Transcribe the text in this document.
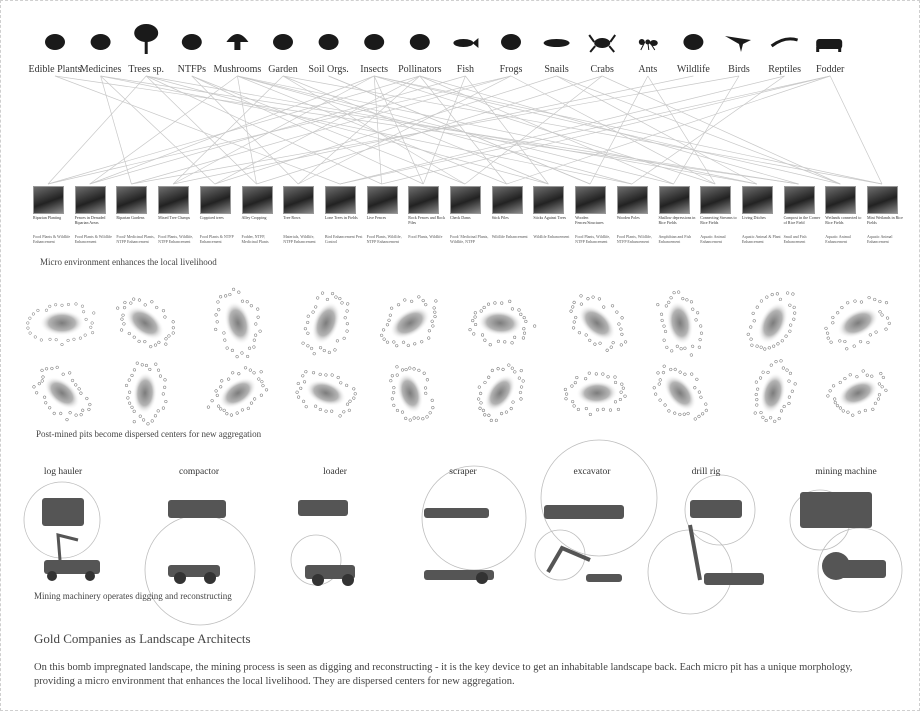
Edible Plants
Medicines Trees sp.	NTFPs Mushrooms Garden	Soil Orgs.	Insects	Pollinators	Fish	Frogs	Snails	Crabs	Ants	Wildlife	Birds	Reptiles	Fodder
Riparian Planting
Food Plants & Wildlife Enhancement
Fences in Denuded Riparian Areas
Food Plants & Wildlife Enhancement
Riparian Gardens
Food/ Medicinal Plants, NTFP Enhancement
Mixed Tree Clumps
Food Plants, Wildlife, NTFP Enhancement
Coppiced trees
Food Plants & NTFP Enhancement
Alley Cropping
Fodder, NTFP, Medicinal Plants
Tree Rows
Materials, Wildlife, NTFP Enhancement
Lone Trees in Fields
Bird Enhancement Pest Control
Live Fences
Food Plants, Wildlife, NTFP Enhancement
Rock Fences and Rock Piles
Food Plants, Wildlife
Check Dams
Food/ Medicinal Plants, Wildlife, NTFP
Stick Piles
Wildlife Enhancement
Sticks Against Trees
Wildlife Enhancement
Wooden Fences/Structures
Food Plants, Wildlife, NTFP Enhancement
Wooden Poles
Food Plants, Wildlife, NTFP Enhancement
Shallow depressions in Rice Fields
Amphibian and Fish Enhancement
Connecting Streams to Rice Fields
Aquatic Animal Enhancement
Living Ditches
Aquatic Animal & Plant Enhancement
Compost in the Corner of Rice Field
Snail and Fish Enhancement
Wetlands connected to Rice Fields
Aquatic Animal Enhancement
Mini Wetlands in Rice Fields
Aquatic Animal Enhancement
Micro environment enhances the local livelihood
Post-mined pits become dispersed centers for new aggregation
Mining machinery operates digging and reconstructing
log hauler	compactor	loader	scraper	excavator	drill rig	mining machine
Gold Companies as Landscape Architects
On this bomb impregnated landscape, the mining process is seen as digging and reconstructing - it is the key device to get an inhabitable landscape back. Each micro pit has a unique morphology, providing a micro environment that enhances the local livelihood. They are dispersed centers for new aggregation.
